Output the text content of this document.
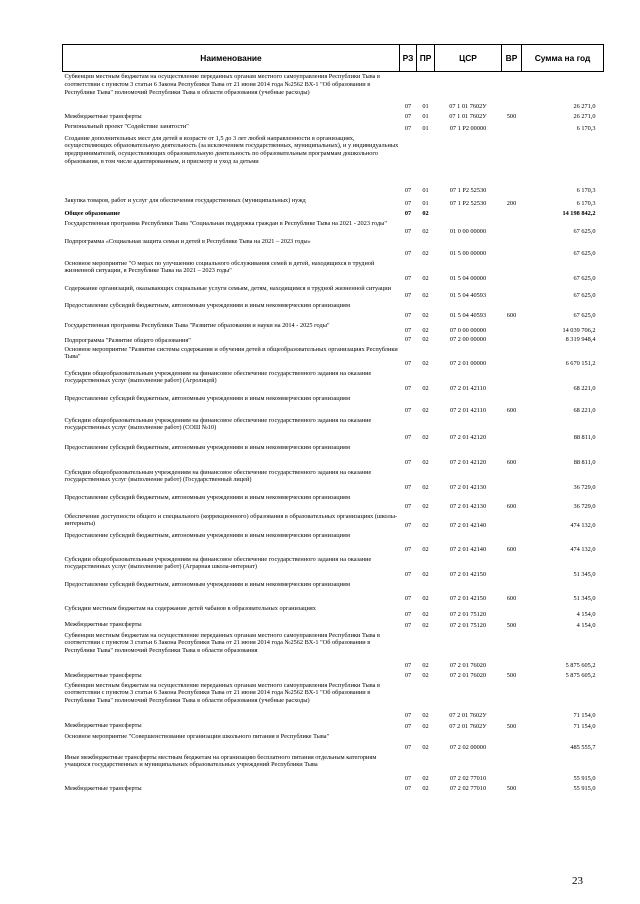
Наименование	РЗ	ПР	ЦСР	ВР	Сумма на год
Субвенции местным бюджетам на осуществление переданных органам местного самоуправления Республики Тыва в соответствии с пунктом 3 статьи 6 Закона Республики Тыва от 21 июня 2014 года №2562 ВХ-1 "Об образовании в Республике Тыва" полномочий Республики Тыва в области образования (учебные расходы)	07	01	07 1 01 7602У		26 271,0
Межбюджетные трансферты	07	01	07 1 01 7602У	500	26 271,0
Региональный проект "Содействие занятости"	07	01	07 1 Р2 00000		6 170,3
Создание дополнительных мест для детей в возрасте от 1,5 до 3 лет любой направленности в организациях, осуществляющих образовательную деятельность (за исключением государственных, муниципальных), и у индивидуальных предпринимателей, осуществляющих образовательную деятельность по образовательным программам дошкольного образования, в том числе адаптированным, и присмотр и уход за детьми	07	01	07 1 Р2 52530		6 170,3
Закупка товаров, работ и услуг для обеспечения государственных (муниципальных) нужд	07	01	07 1 Р2 52530	200	6 170,3
Общее образование	07	02			14 198 842,2
Государственная программа Республики Тыва "Социальная поддержка граждан в Республике Тыва на 2021 - 2023 годы"	07	02	01 0 00 00000		67 625,0
Подпрограмма «Социальная защита семьи и детей в Республике Тыва на 2021 – 2023 годы»	07	02	01 5 00 00000		67 625,0
Основное мероприятие "О мерах по улучшению социального обслуживания семей и детей, находящихся в трудной жизненной ситуации, в Республике Тыва на 2021 – 2023 годы"	07	02	01 5 04 00000		67 625,0
Содержание организаций, оказывающих социальные услуги семьям, детям, находящимся в трудной жизненной ситуации	07	02	01 5 04 40593		67 625,0
Предоставление субсидий бюджетным, автономным учреждениям и иным некоммерческим организациям	07	02	01 5 04 40593	600	67 625,0
Государственная программа Республики Тыва "Развитие образования и науки на 2014 - 2025 годы"	07	02	07 0 00 00000		14 039 706,2
Подпрограмма "Развитие общего образования"	07	02	07 2 00 00000		8 319 948,4
Основное мероприятие "Развитие системы содержания и обучения детей в общеобразовательных организациях Республики Тыва"	07	02	07 2 01 00000		6 670 151,2
Субсидии общеобразовательным учреждениям на финансовое обеспечение государственного задания на оказание государственных услуг (выполнение работ) (Агролицей)	07	02	07 2 01 42110		68 221,0
Предоставление субсидий бюджетным, автономным учреждениям и иным некоммерческим организациям	07	02	07 2 01 42110	600	68 221,0
Субсидии общеобразовательным учреждениям на финансовое обеспечение государственного задания на оказание государственных услуг (выполнение работ) (СОШ №10)	07	02	07 2 01 42120		88 811,0
Предоставление субсидий бюджетным, автономным учреждениям и иным некоммерческим организациям	07	02	07 2 01 42120	600	88 811,0
Субсидии общеобразовательным учреждениям на финансовое обеспечение государственного задания на оказание государственных услуг (выполнение работ) (Государственный лицей)	07	02	07 2 01 42130		36 729,0
Предоставление субсидий бюджетным, автономным учреждениям и иным некоммерческим организациям	07	02	07 2 01 42130	600	36 729,0
Обеспечение доступности общего и специального (коррекционного) образования в образовательных организациях (школы-интернаты)	07	02	07 2 01 42140		474 132,0
Предоставление субсидий бюджетным, автономным учреждениям и иным некоммерческим организациям	07	02	07 2 01 42140	600	474 132,0
Субсидии общеобразовательным учреждениям на финансовое обеспечение государственного задания на оказание государственных услуг (выполнение работ) (Аграрная школа-интернат)	07	02	07 2 01 42150		51 345,0
Предоставление субсидий бюджетным, автономным учреждениям и иным некоммерческим организациям	07	02	07 2 01 42150	600	51 345,0
Субсидии местным бюджетам на содержание детей чабанов в образовательных организациях	07	02	07 2 01 75120		4 154,0
Межбюджетные трансферты	07	02	07 2 01 75120	500	4 154,0
Субвенции местным бюджетам на осуществление переданных органам местного самоуправления Республики Тыва в соответствии с пунктом 3 статьи 6 Закона Республики Тыва от 21 июня 2014 года №2562 ВХ-1 "Об образовании в Республике Тыва" полномочий Республики Тыва в области образования	07	02	07 2 01 76020		5 875 605,2
Межбюджетные трансферты	07	02	07 2 01 76020	500	5 875 605,2
Субвенции местным бюджетам на осуществление переданных органам местного самоуправления Республики Тыва в соответствии с пунктом 3 статьи 6 Закона Республики Тыва от 21 июня 2014 года №2562 ВХ-1 "Об образовании в Республике Тыва" полномочий Республики Тыва в области образования (учебные расходы)	07	02	07 2 01 7602У		71 154,0
Межбюджетные трансферты	07	02	07 2 01 7602У	500	71 154,0
Основное мероприятие "Совершенствование организации школьного питания в Республике Тыва"	07	02	07 2 02 00000		485 555,7
Иные межбюджетные трансферты местным бюджетам на организацию бесплатного питания отдельным категориям учащихся государственных и муниципальных образовательных учреждений Республики Тыва	07	02	07 2 02 77010		55 915,0
Межбюджетные трансферты	07	02	07 2 02 77010	500	55 915,0
23
